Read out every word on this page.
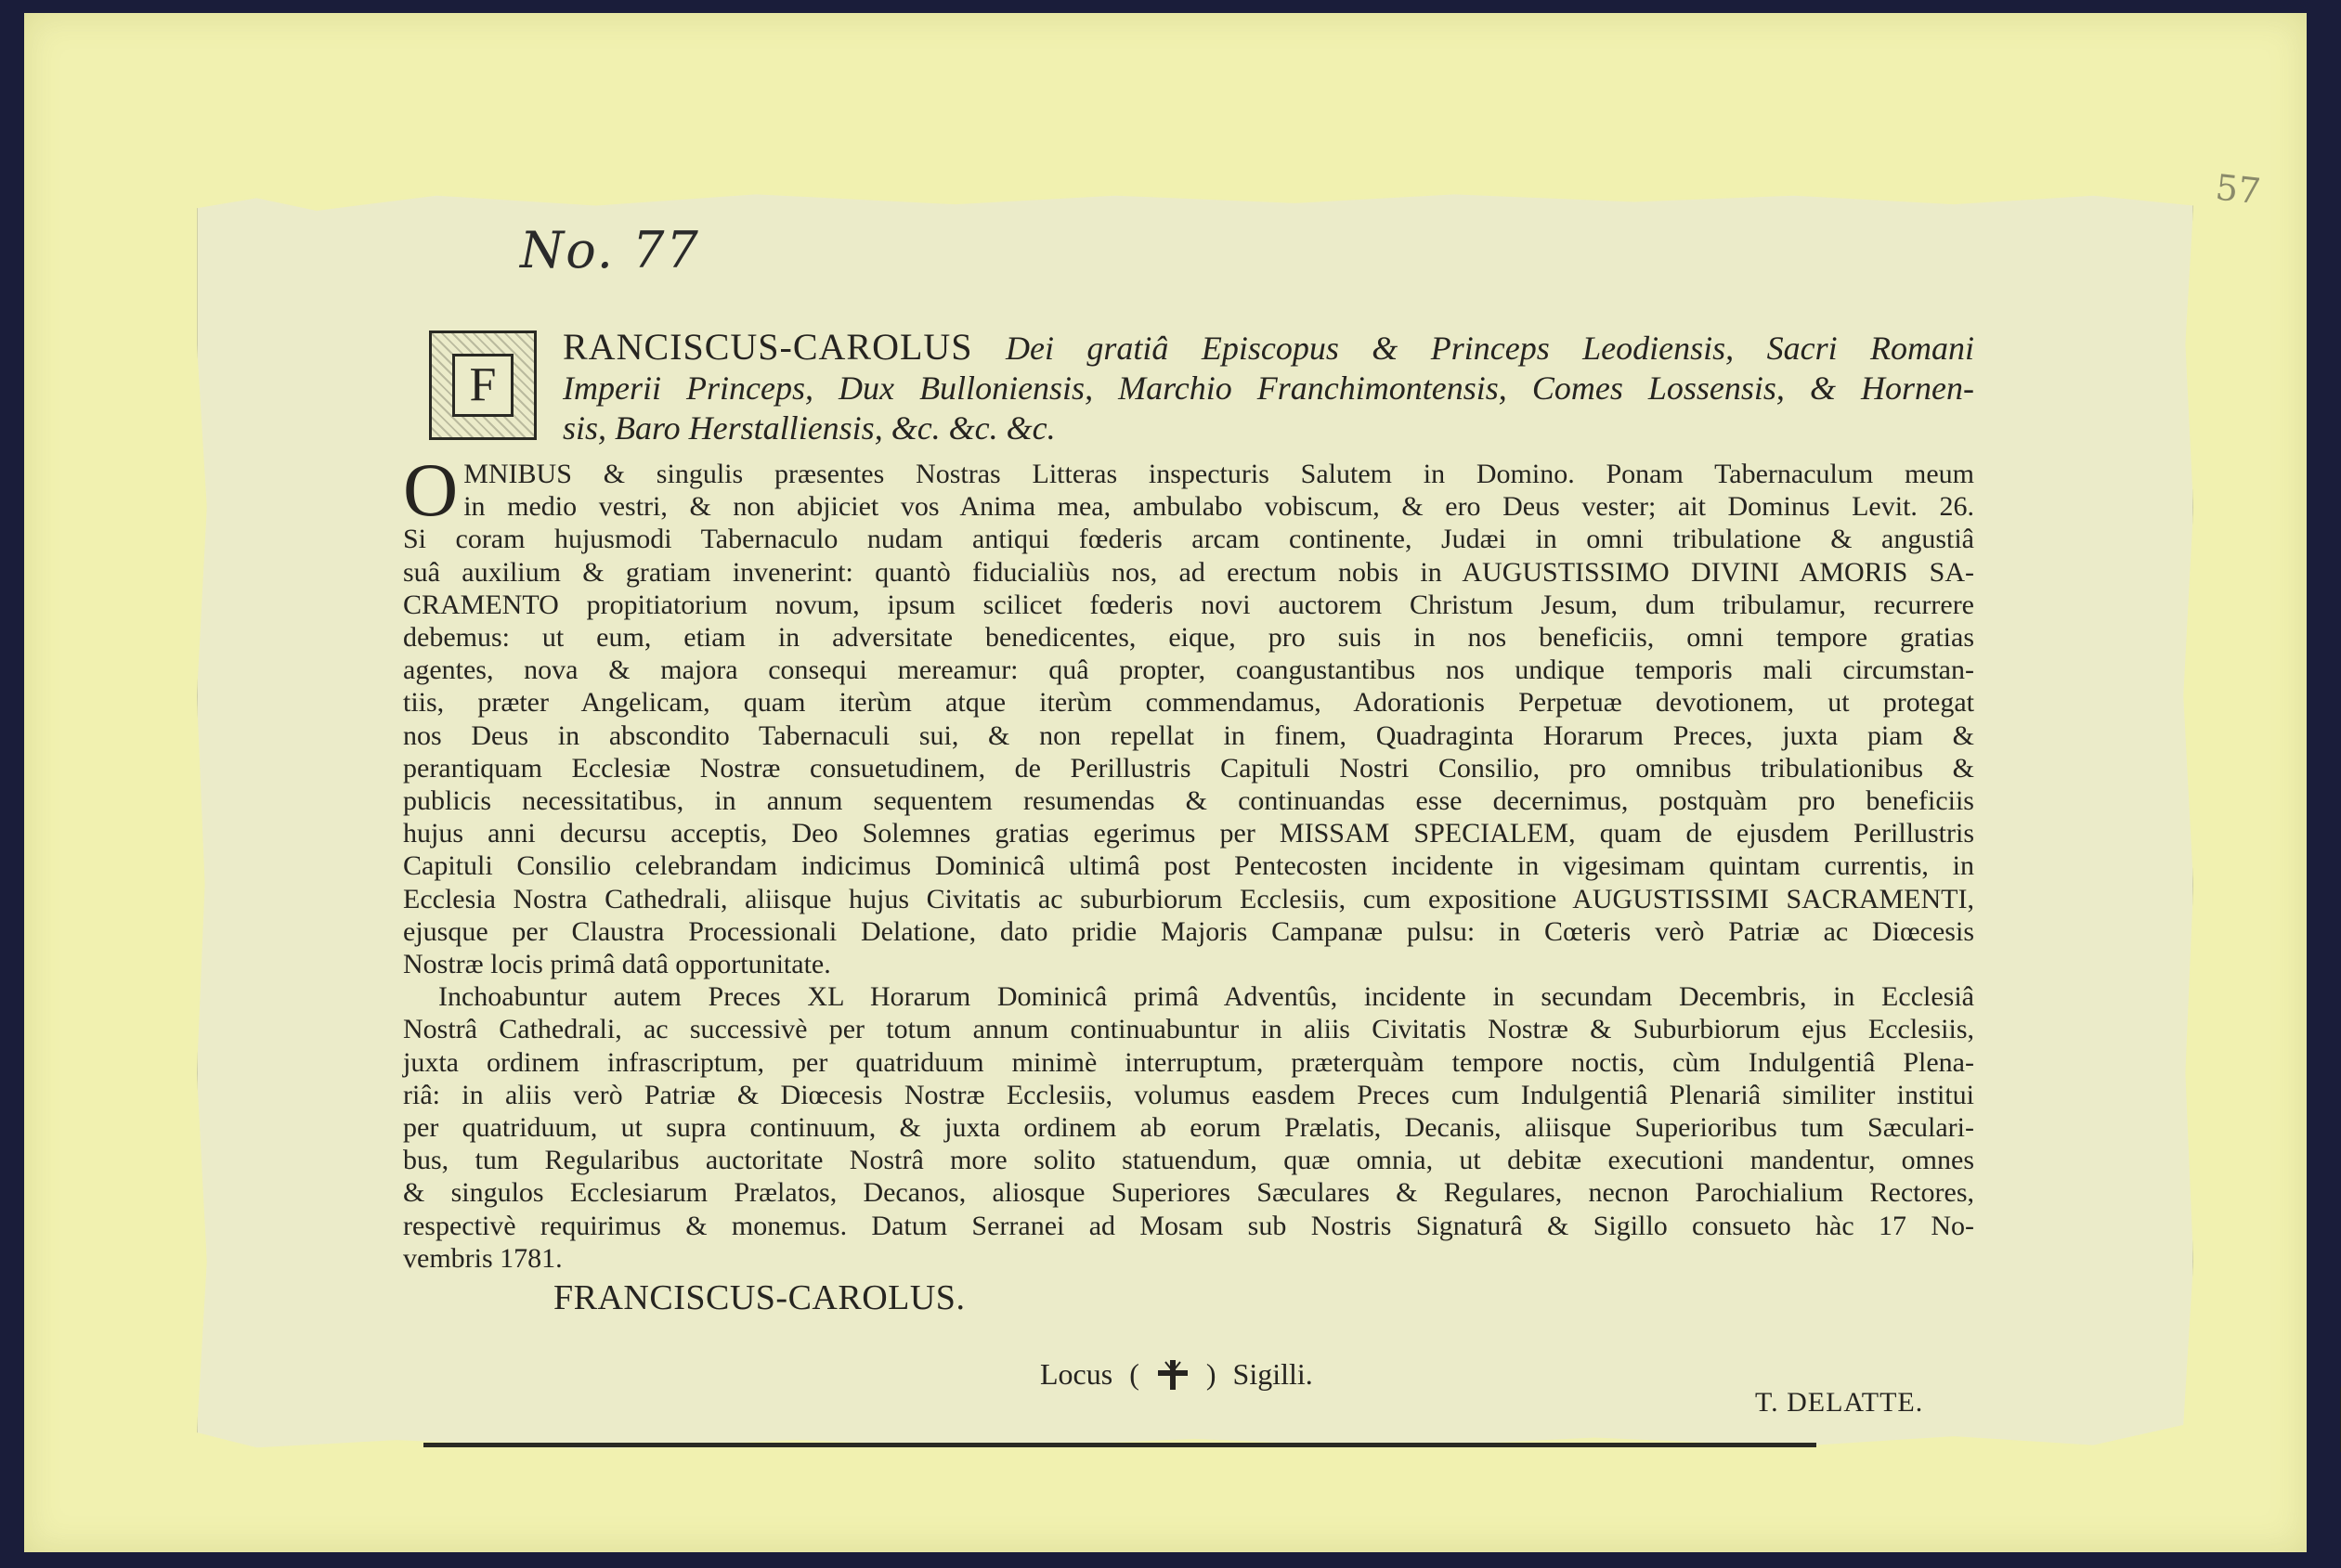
57
No. 77
F
RANCISCUS-CAROLUS Dei gratiâ Episcopus & Princeps Leodiensis, Sacri Romani
Imperii Princeps, Dux Bulloniensis, Marchio Franchimontensis, Comes Lossensis, & Hornen-
sis, Baro Herstalliensis, &c. &c. &c.
O MNIBUS & singulis præsentes Nostras Litteras inspecturis Salutem in Domino. Ponam Tabernaculum meum
in medio vestri, & non abjiciet vos Anima mea, ambulabo vobiscum, & ero Deus vester; ait Dominus Levit. 26.
Si coram hujusmodi Tabernaculo nudam antiqui fœderis arcam continente, Judæi in omni tribulatione & angustiâ
suâ auxilium & gratiam invenerint: quantò fiducialiùs nos, ad erectum nobis in AUGUSTISSIMO DIVINI AMORIS SA-
CRAMENTO propitiatorium novum, ipsum scilicet fœderis novi auctorem Christum Jesum, dum tribulamur, recurrere
debemus: ut eum, etiam in adversitate benedicentes, eique, pro suis in nos beneficiis, omni tempore gratias
agentes, nova & majora consequi mereamur: quâ propter, coangustantibus nos undique temporis mali circumstan-
tiis, præter Angelicam, quam iterùm atque iterùm commendamus, Adorationis Perpetuæ devotionem, ut protegat
nos Deus in abscondito Tabernaculi sui, & non repellat in finem, Quadraginta Horarum Preces, juxta piam &
perantiquam Ecclesiæ Nostræ consuetudinem, de Perillustris Capituli Nostri Consilio, pro omnibus tribulationibus &
publicis necessitatibus, in annum sequentem resumendas & continuandas esse decernimus, postquàm pro beneficiis
hujus anni decursu acceptis, Deo Solemnes gratias egerimus per MISSAM SPECIALEM, quam de ejusdem Perillustris
Capituli Consilio celebrandam indicimus Dominicâ ultimâ post Pentecosten incidente in vigesimam quintam currentis, in
Ecclesia Nostra Cathedrali, aliisque hujus Civitatis ac suburbiorum Ecclesiis, cum expositione AUGUSTISSIMI SACRAMENTI,
ejusque per Claustra Processionali Delatione, dato pridie Majoris Campanæ pulsu: in Cœteris verò Patriæ ac Diœcesis
Nostræ locis primâ datâ opportunitate.
Inchoabuntur autem Preces XL Horarum Dominicâ primâ Adventûs, incidente in secundam Decembris, in Ecclesiâ
Nostrâ Cathedrali, ac successivè per totum annum continuabuntur in aliis Civitatis Nostræ & Suburbiorum ejus Ecclesiis,
juxta ordinem infrascriptum, per quatriduum minimè interruptum, præterquàm tempore noctis, cùm Indulgentiâ Plena-
riâ: in aliis verò Patriæ & Diœcesis Nostræ Ecclesiis, volumus easdem Preces cum Indulgentiâ Plenariâ similiter institui
per quatriduum, ut supra continuum, & juxta ordinem ab eorum Prælatis, Decanis, aliisque Superioribus tum Sæculari-
bus, tum Regularibus auctoritate Nostrâ more solito statuendum, quæ omnia, ut debitæ executioni mandentur, omnes
& singulos Ecclesiarum Prælatos, Decanos, aliosque Superiores Sæculares & Regulares, necnon Parochialium Rectores,
respectivè requirimus & monemus. Datum Serranei ad Mosam sub Nostris Signaturâ & Sigillo consueto hàc 17 No-
vembris 1781.
FRANCISCUS-CAROLUS.
Locus ( ) Sigilli.
T. DELATTE.
